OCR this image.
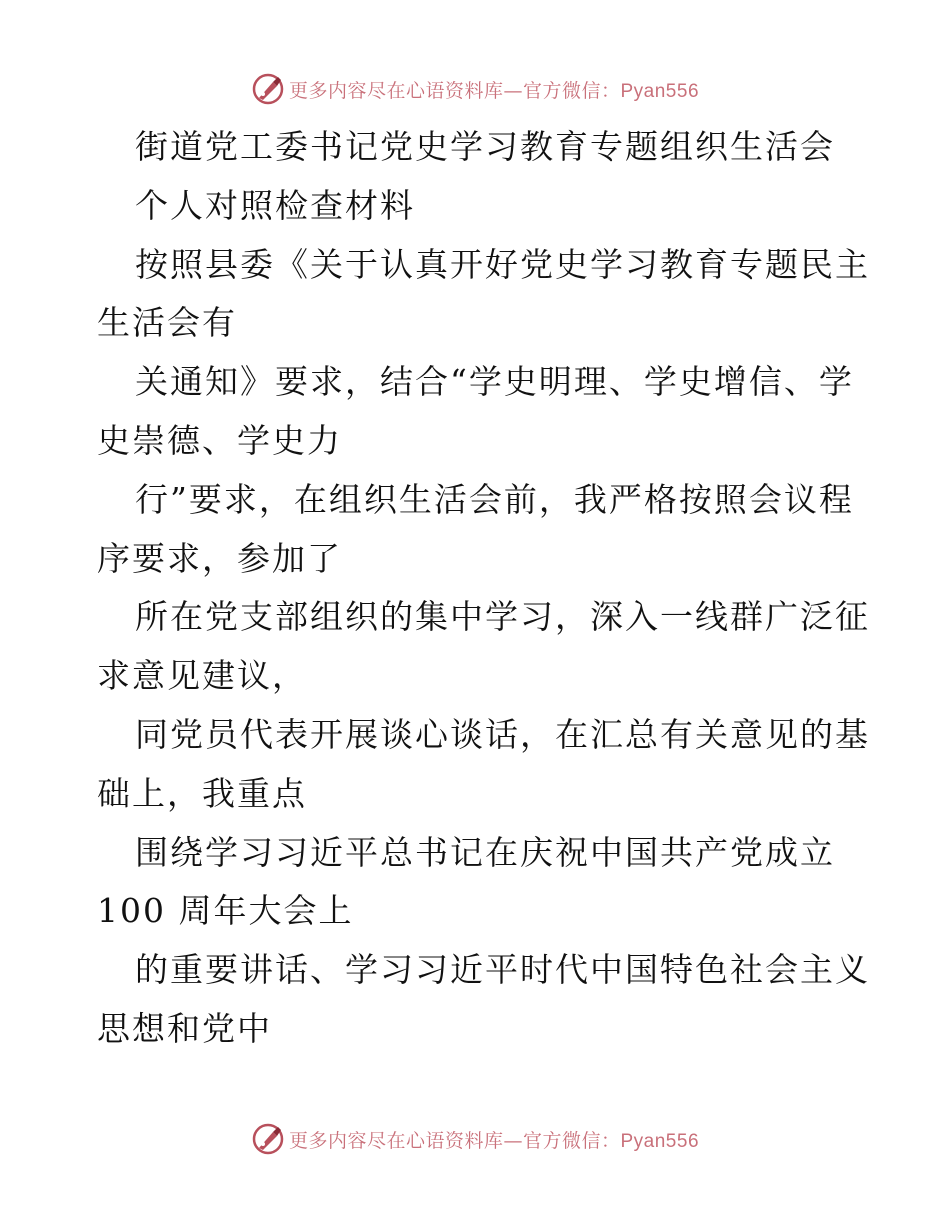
更多内容尽在心语资料库—官方微信：Pyan556
街道党工委书记党史学习教育专题组织生活会
个人对照检查材料
按照县委《关于认真开好党史学习教育专题民主
生活会有
关通知》要求，结合“学史明理、学史增信、学
史崇德、学史力
行”要求，在组织生活会前，我严格按照会议程
序要求，参加了
所在党支部组织的集中学习，深入一线群广泛征
求意见建议，
同党员代表开展谈心谈话，在汇总有关意见的基
础上，我重点
围绕学习习近平总书记在庆祝中国共产党成立
100 周年大会上
的重要讲话、学习习近平时代中国特色社会主义
思想和党中
更多内容尽在心语资料库—官方微信：Pyan556
